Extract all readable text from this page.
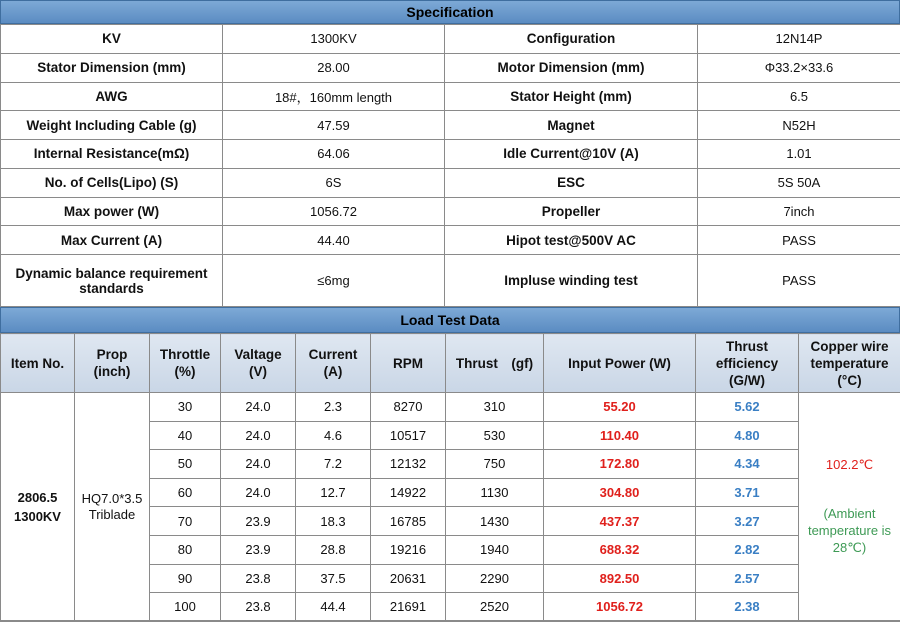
Specification
KV	1300KV	Configuration	12N14P
Stator Dimension (mm)	28.00	Motor Dimension (mm)	Φ33.2×33.6
AWG	18#，160mm length	Stator Height (mm)	6.5
Weight Including Cable (g)	47.59	Magnet	N52H
Internal Resistance(mΩ)	64.06	Idle Current@10V (A)	1.01
No. of Cells(Lipo) (S)	6S	ESC	5S 50A
Max power (W)	1056.72	Propeller	7inch
Max Current (A)	44.40	Hipot test@500V AC	PASS
Dynamic balance requirement standards	≤6mg	Impluse winding test	PASS
Load Test Data
Item No.	Prop (inch)	Throttle (%)	Valtage (V)	Current (A)	RPM	Thrust　(gf)	Input Power (W)	Thrust efficiency (G/W)	Copper wire temperature (°C)
2806.5 1300KV	HQ7.0*3.5 Triblade	30	24.0	2.3	8270	310	55.20	5.62	102.2℃
(Ambient temperature is 28℃)

		40	24.0	4.6	10517	530	110.40	4.80	
		50	24.0	7.2	12132	750	172.80	4.34	
		60	24.0	12.7	14922	1130	304.80	3.71	
		70	23.9	18.3	16785	1430	437.37	3.27	
		80	23.9	28.8	19216	1940	688.32	2.82	
		90	23.8	37.5	20631	2290	892.50	2.57	
		100	23.8	44.4	21691	2520	1056.72	2.38	
